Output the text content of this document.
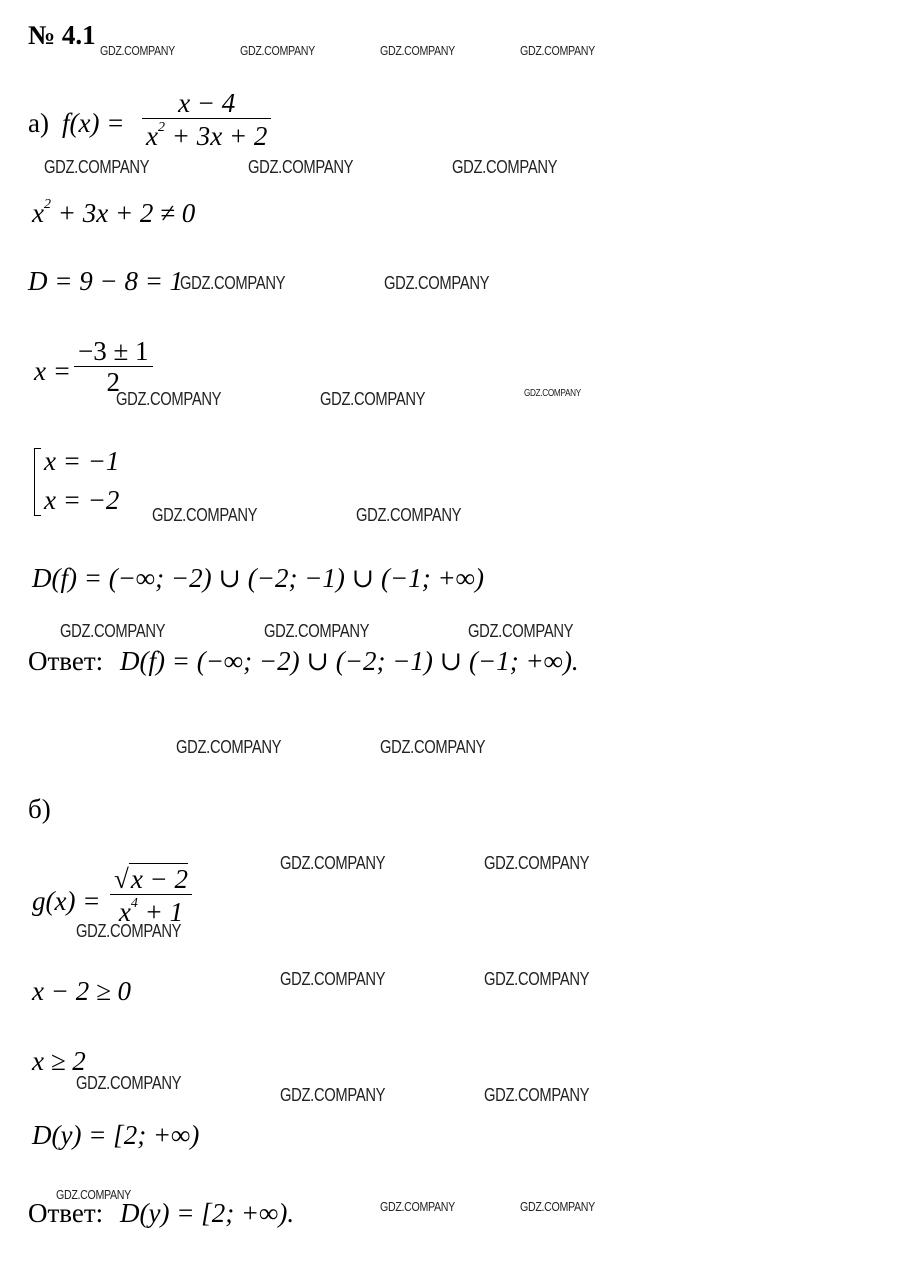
№ 4.1
а) $f(x) = \frac{x - 4}{x^2 + 3x + 2}$
$x^2 + 3x + 2 \ne 0$
D = 9 − 8 = 1
$x = \frac{-3 \pm 1}{2}$
x = −1
x = −2
D(f) = (−∞; −2) ∪ (−2; −1) ∪ (−1; +∞)
Ответ: D(f) = (−∞; −2) ∪ (−2; −1) ∪ (−1; +∞).
б)
$g(x) = \frac{√x - 2}{x^4 + 1}$
x − 2 ≥ 0
x ≥ 2
D(y) = [2; +∞)
Ответ: D(y) = [2; +∞).
GDZ.COMPANY	GDZ.COMPANY	GDZ.COMPANY	GDZ.COMPANY
GDZ.COMPANY	GDZ.COMPANY	GDZ.COMPANY
GDZ.COMPANY	GDZ.COMPANY
GDZ.COMPANY	GDZ.COMPANY	GDZ.COMPANY
GDZ.COMPANY	GDZ.COMPANY
GDZ.COMPANY	GDZ.COMPANY	GDZ.COMPANY
GDZ.COMPANY	GDZ.COMPANY
GDZ.COMPANY	GDZ.COMPANY
GDZ.COMPANY
GDZ.COMPANY	GDZ.COMPANY
GDZ.COMPANY
GDZ.COMPANY	GDZ.COMPANY
GDZ.COMPANY
GDZ.COMPANY	GDZ.COMPANY
